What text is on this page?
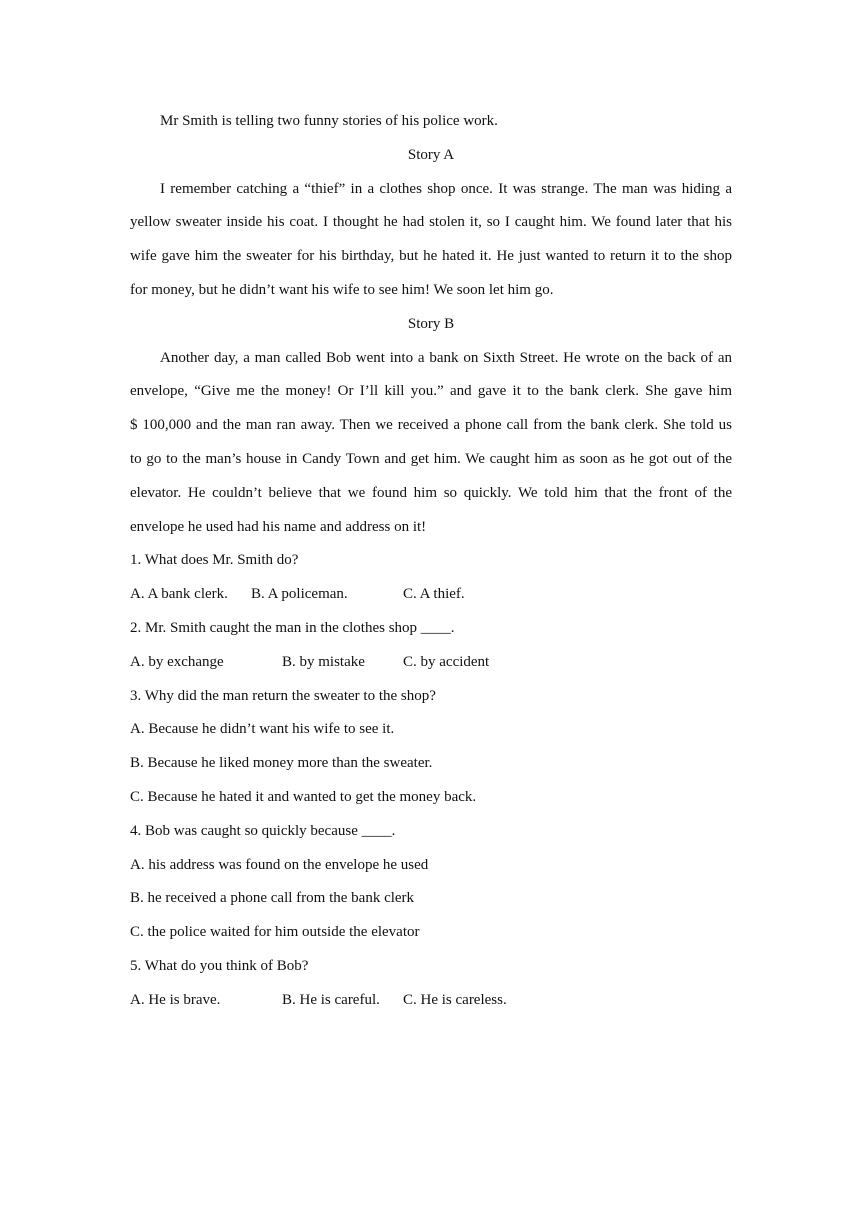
Mr Smith is telling two funny stories of his police work.
Story A
I remember catching a “thief” in a clothes shop once. It was strange. The man was hiding a
yellow sweater inside his coat. I thought he had stolen it, so I caught him. We found later that his
wife gave him the sweater for his birthday, but he hated it. He just wanted to return it to the shop
for money, but he didn’t want his wife to see him! We soon let him go.
Story B
Another day, a man called Bob went into a bank on Sixth Street. He wrote on the back of an
envelope, “Give me the money! Or I’ll kill you.” and gave it to the bank clerk. She gave him
$ 100,000 and the man ran away. Then we received a phone call from the bank clerk. She told us
to go to the man’s house in Candy Town and get him. We caught him as soon as he got out of the
elevator. He couldn’t believe that we found him so quickly. We told him that the front of the
envelope he used had his name and address on it!
1. What does Mr. Smith do?
A. A bank clerk. B. A policeman.	C. A thief.
2. Mr. Smith caught the man in the clothes shop ____.
A. by exchange	B. by mistake	C. by accident
3. Why did the man return the sweater to the shop?
A. Because he didn’t want his wife to see it.
B. Because he liked money more than the sweater.
C. Because he hated it and wanted to get the money back.
4. Bob was caught so quickly because ____.
A. his address was found on the envelope he used
B. he received a phone call from the bank clerk
C. the police waited for him outside the elevator
5. What do you think of Bob?
A. He is brave.	B. He is careful. C. He is careless.
